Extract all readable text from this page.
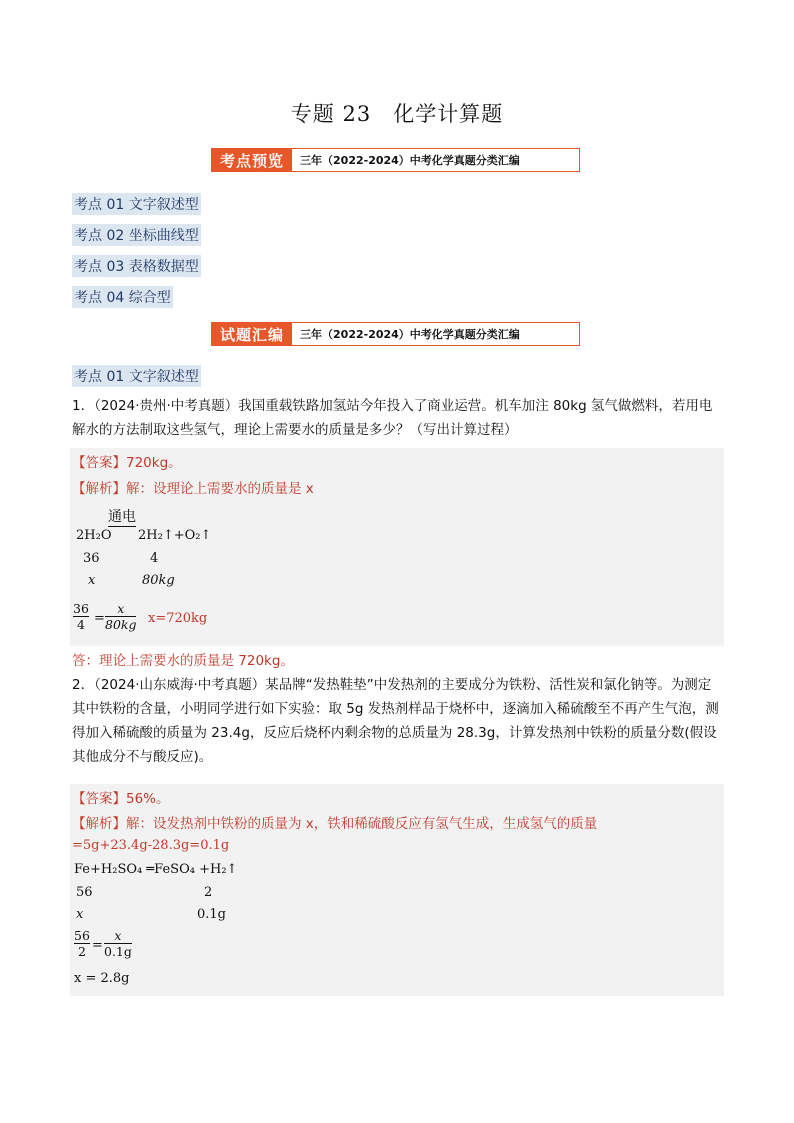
专题 23　化学计算题
考点预览	三年（2022-2024）中考化学真题分类汇编
考点 01 文字叙述型
考点 02 坐标曲线型
考点 03 表格数据型
考点 04 综合型
试题汇编	三年（2022-2024）中考化学真题分类汇编
考点 01 文字叙述型
1．（2024·贵州·中考真题）我国重载铁路加氢站今年投入了商业运营。机车加注 80kg 氢气做燃料，若用电解水的方法制取这些氢气，理论上需要水的质量是多少？（写出计算过程）
【答案】720kg。
【解析】解：设理论上需要水的质量是 x
通电
2H₂O 2H₂↑+O₂↑
36	4
x	80kg
36
4 =
x
80kg x=720kg
答：理论上需要水的质量是 720kg。
2．（2024·山东威海·中考真题）某品牌“发热鞋垫”中发热剂的主要成分为铁粉、活性炭和氯化钠等。为测定其中铁粉的含量，小明同学进行如下实验：取 5g 发热剂样品于烧杯中，逐滴加入稀硫酸至不再产生气泡，测得加入稀硫酸的质量为 23.4g，反应后烧杯内剩余物的总质量为 28.3g，计算发热剂中铁粉的质量分数(假设其他成分不与酸反应)。
【答案】56%。
【解析】解：设发热剂中铁粉的质量为 x，铁和稀硫酸反应有氢气生成，生成氢气的质量
=5g+23.4g-28.3g=0.1g
Fe+H₂SO₄ ═FeSO₄ +H₂↑
56	2
x	0.1g
56
2 =
x
0.1g
x = 2.8g
